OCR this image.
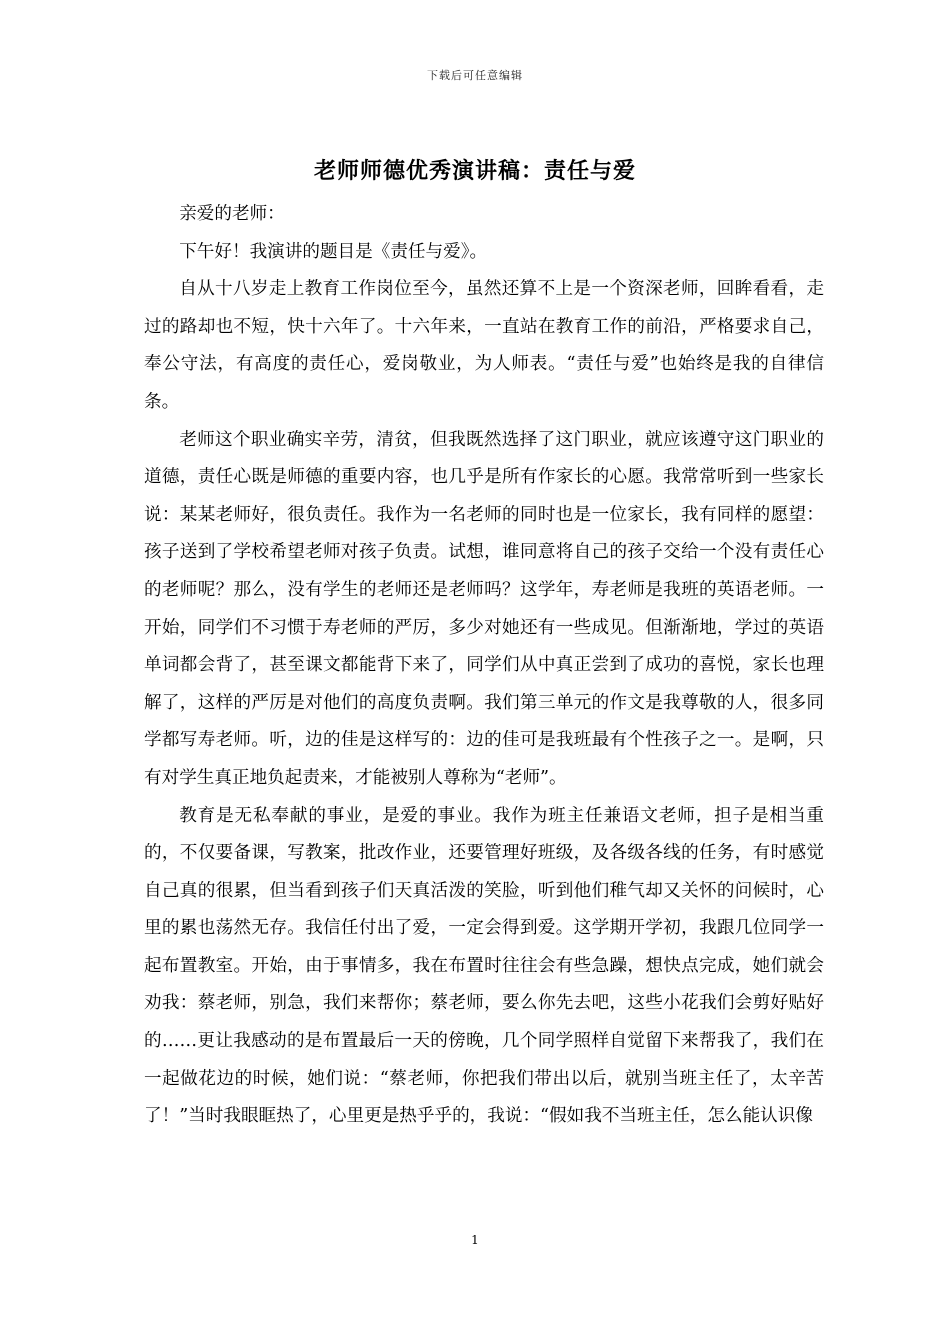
下载后可任意编辑
老师师德优秀演讲稿：责任与爱

亲爱的老师：

下午好！我演讲的题目是《责任与爱》。

自从十八岁走上教育工作岗位至今，虽然还算不上是一个资深老师，回眸看看，走过的路却也不短，快十六年了。十六年来，一直站在教育工作的前沿，严格要求自己，奉公守法，有高度的责任心，爱岗敬业，为人师表。“责任与爱”也始终是我的自律信条。

老师这个职业确实辛劳，清贫，但我既然选择了这门职业，就应该遵守这门职业的道德，责任心既是师德的重要内容，也几乎是所有作家长的心愿。我常常听到一些家长说：某某老师好，很负责任。我作为一名老师的同时也是一位家长，我有同样的愿望：孩子送到了学校希望老师对孩子负责。试想，谁同意将自己的孩子交给一个没有责任心的老师呢？那么，没有学生的老师还是老师吗？这学年，寿老师是我班的英语老师。一开始，同学们不习惯于寿老师的严厉，多少对她还有一些成见。但渐渐地，学过的英语单词都会背了，甚至课文都能背下来了，同学们从中真正尝到了成功的喜悦，家长也理解了，这样的严厉是对他们的高度负责啊。我们第三单元的作文是我尊敬的人，很多同学都写寿老师。听，边的佳是这样写的：边的佳可是我班最有个性孩子之一。是啊，只有对学生真正地负起责来，才能被别人尊称为“老师”。

教育是无私奉献的事业，是爱的事业。我作为班主任兼语文老师，担子是相当重的，不仅要备课，写教案，批改作业，还要管理好班级，及各级各线的任务，有时感觉自己真的很累，但当看到孩子们天真活泼的笑脸，听到他们稚气却又关怀的问候时，心里的累也荡然无存。我信任付出了爱，一定会得到爱。这学期开学初，我跟几位同学一起布置教室。开始，由于事情多，我在布置时往往会有些急躁，想快点完成，她们就会劝我：蔡老师，别急，我们来帮你；蔡老师，要么你先去吧，这些小花我们会剪好贴好的……更让我感动的是布置最后一天的傍晚，几个同学照样自觉留下来帮我了，我们在一起做花边的时候，她们说：“蔡老师，你把我们带出以后，就别当班主任了，太辛苦了！”当时我眼眶热了，心里更是热乎乎的，我说：“假如我不当班主任，怎么能认识像

1
